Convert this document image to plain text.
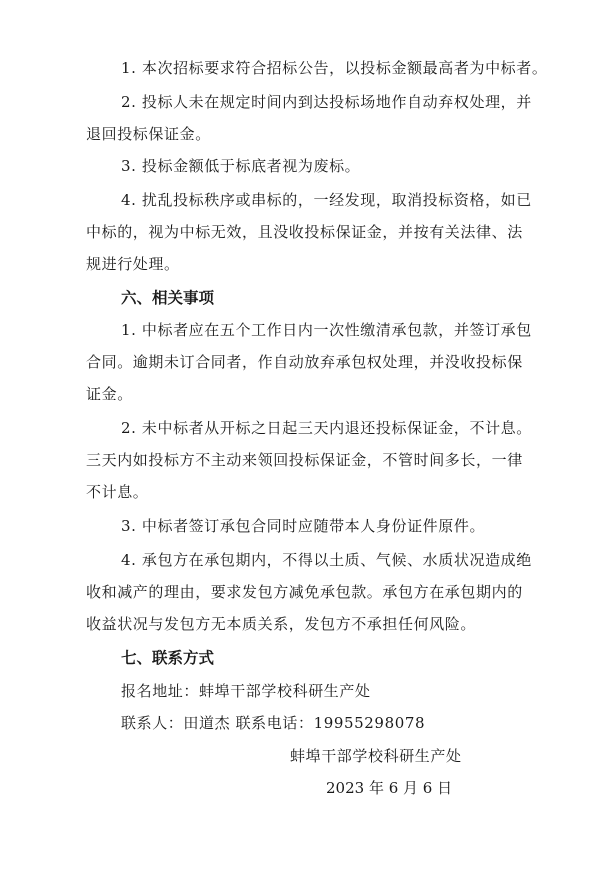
1. 本次招标要求符合招标公告，以投标金额最高者为中标者。
2. 投标人未在规定时间内到达投标场地作自动弃权处理，并
退回投标保证金。
3. 投标金额低于标底者视为废标。
4. 扰乱投标秩序或串标的，一经发现，取消投标资格，如已
中标的，视为中标无效，且没收投标保证金，并按有关法律、法
规进行处理。
六、相关事项
1. 中标者应在五个工作日内一次性缴清承包款，并签订承包
合同。逾期未订合同者，作自动放弃承包权处理，并没收投标保
证金。
2. 未中标者从开标之日起三天内退还投标保证金，不计息。
三天内如投标方不主动来领回投标保证金，不管时间多长，一律
不计息。
3. 中标者签订承包合同时应随带本人身份证件原件。
4. 承包方在承包期内，不得以土质、气候、水质状况造成绝
收和减产的理由，要求发包方减免承包款。承包方在承包期内的
收益状况与发包方无本质关系，发包方不承担任何风险。
七、联系方式
报名地址：蚌埠干部学校科研生产处
联系人：田道杰 联系电话：19955298078
蚌埠干部学校科研生产处
2023 年 6 月 6 日
